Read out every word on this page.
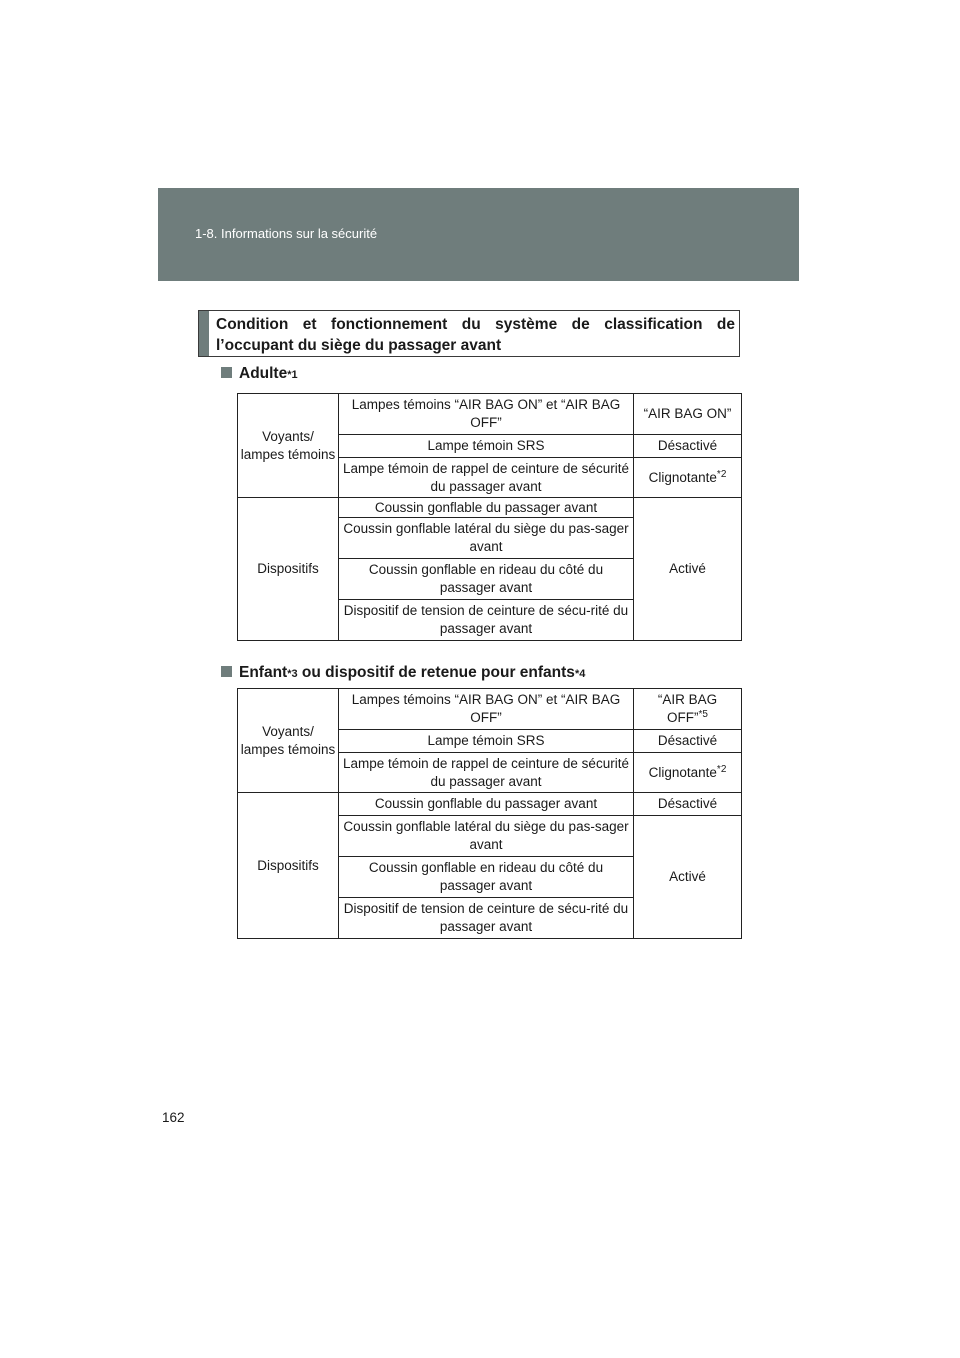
1-8. Informations sur la sécurité
Condition et fonctionnement du système de classification de l’occupant du siège du passager avant
Adulte *1
Voyants/ lampes témoins	Lampes témoins “AIR BAG ON” et “AIR BAG OFF”	“AIR BAG ON”
	Lampe témoin SRS	Désactivé
	Lampe témoin de rappel de ceinture de sécurité du passager avant	Clignotante$^{*2}$
Dispositifs	Coussin gonflable du passager avant	Activé
	Coussin gonflable latéral du siège du pas-sager avant	
	Coussin gonflable en rideau du côté du passager avant	
	Dispositif de tension de ceinture de sécu-rité du passager avant	
Enfant *3 ou dispositif de retenue pour enfants *4
Voyants/ lampes témoins	Lampes témoins “AIR BAG ON” et “AIR BAG OFF”	“AIR BAG OFF”$^{*5}$
	Lampe témoin SRS	Désactivé
	Lampe témoin de rappel de ceinture de sécurité du passager avant	Clignotante$^{*2}$
Dispositifs	Coussin gonflable du passager avant	Désactivé
	Coussin gonflable latéral du siège du pas-sager avant	Activé
	Coussin gonflable en rideau du côté du passager avant	
	Dispositif de tension de ceinture de sécu-rité du passager avant	
162
